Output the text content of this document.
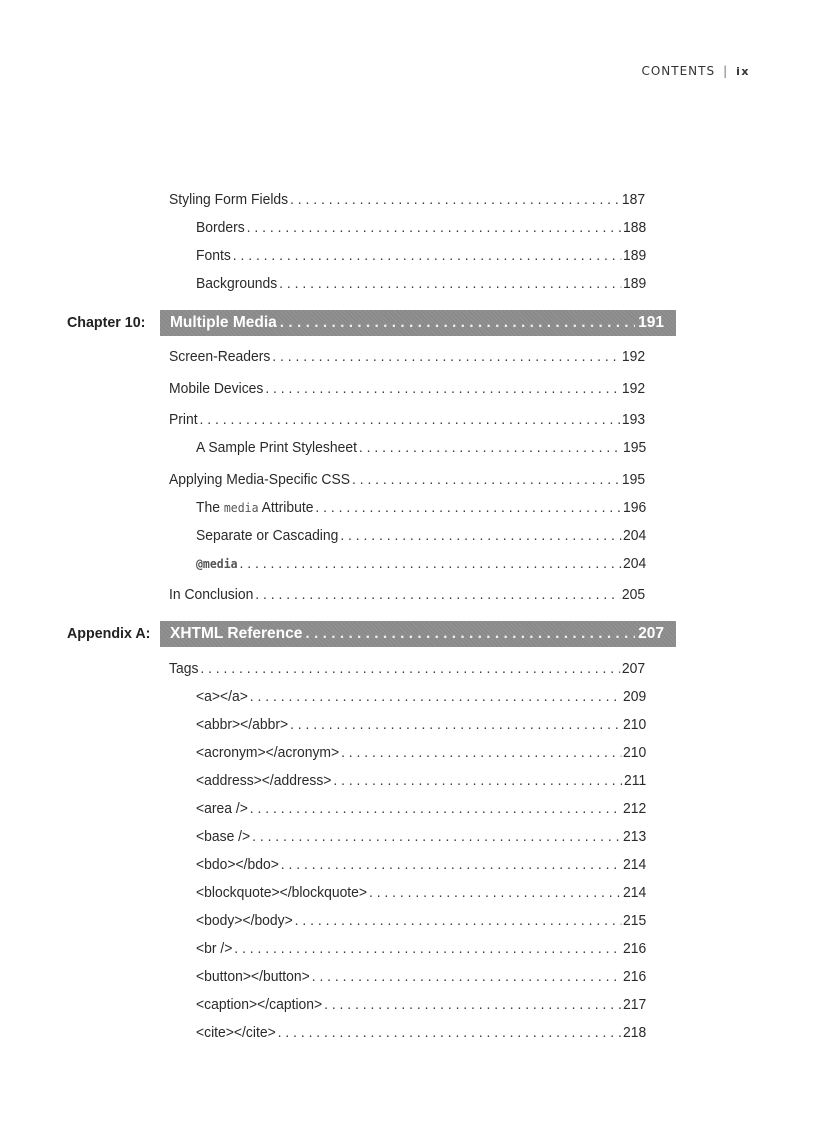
CONTENTS | ix
Styling Form Fields . . .	187
Borders . . .	188
Fonts . . .	189
Backgrounds . . .	189
Chapter 10: Multiple Media . . .	191
Screen-Readers . . .	192
Mobile Devices . . .	192
Print . . .	193
A Sample Print Stylesheet . . .	195
Applying Media-Specific CSS . . .	195
The media Attribute . . .	196
Separate or Cascading . . .	204
@media . . .	204
In Conclusion . . .	205
Appendix A: XHTML Reference . . .	207
Tags . . .	207
<a></a> . . .	209
<abbr></abbr> . . .	210
<acronym></acronym> . . .	210
<address></address> . . .	211
<area /> . . .	212
<base /> . . .	213
<bdo></bdo> . . .	214
<blockquote></blockquote> . . .	214
<body></body> . . .	215
<br /> . . .	216
<button></button> . . .	216
<caption></caption> . . .	217
<cite></cite> . . .	218
